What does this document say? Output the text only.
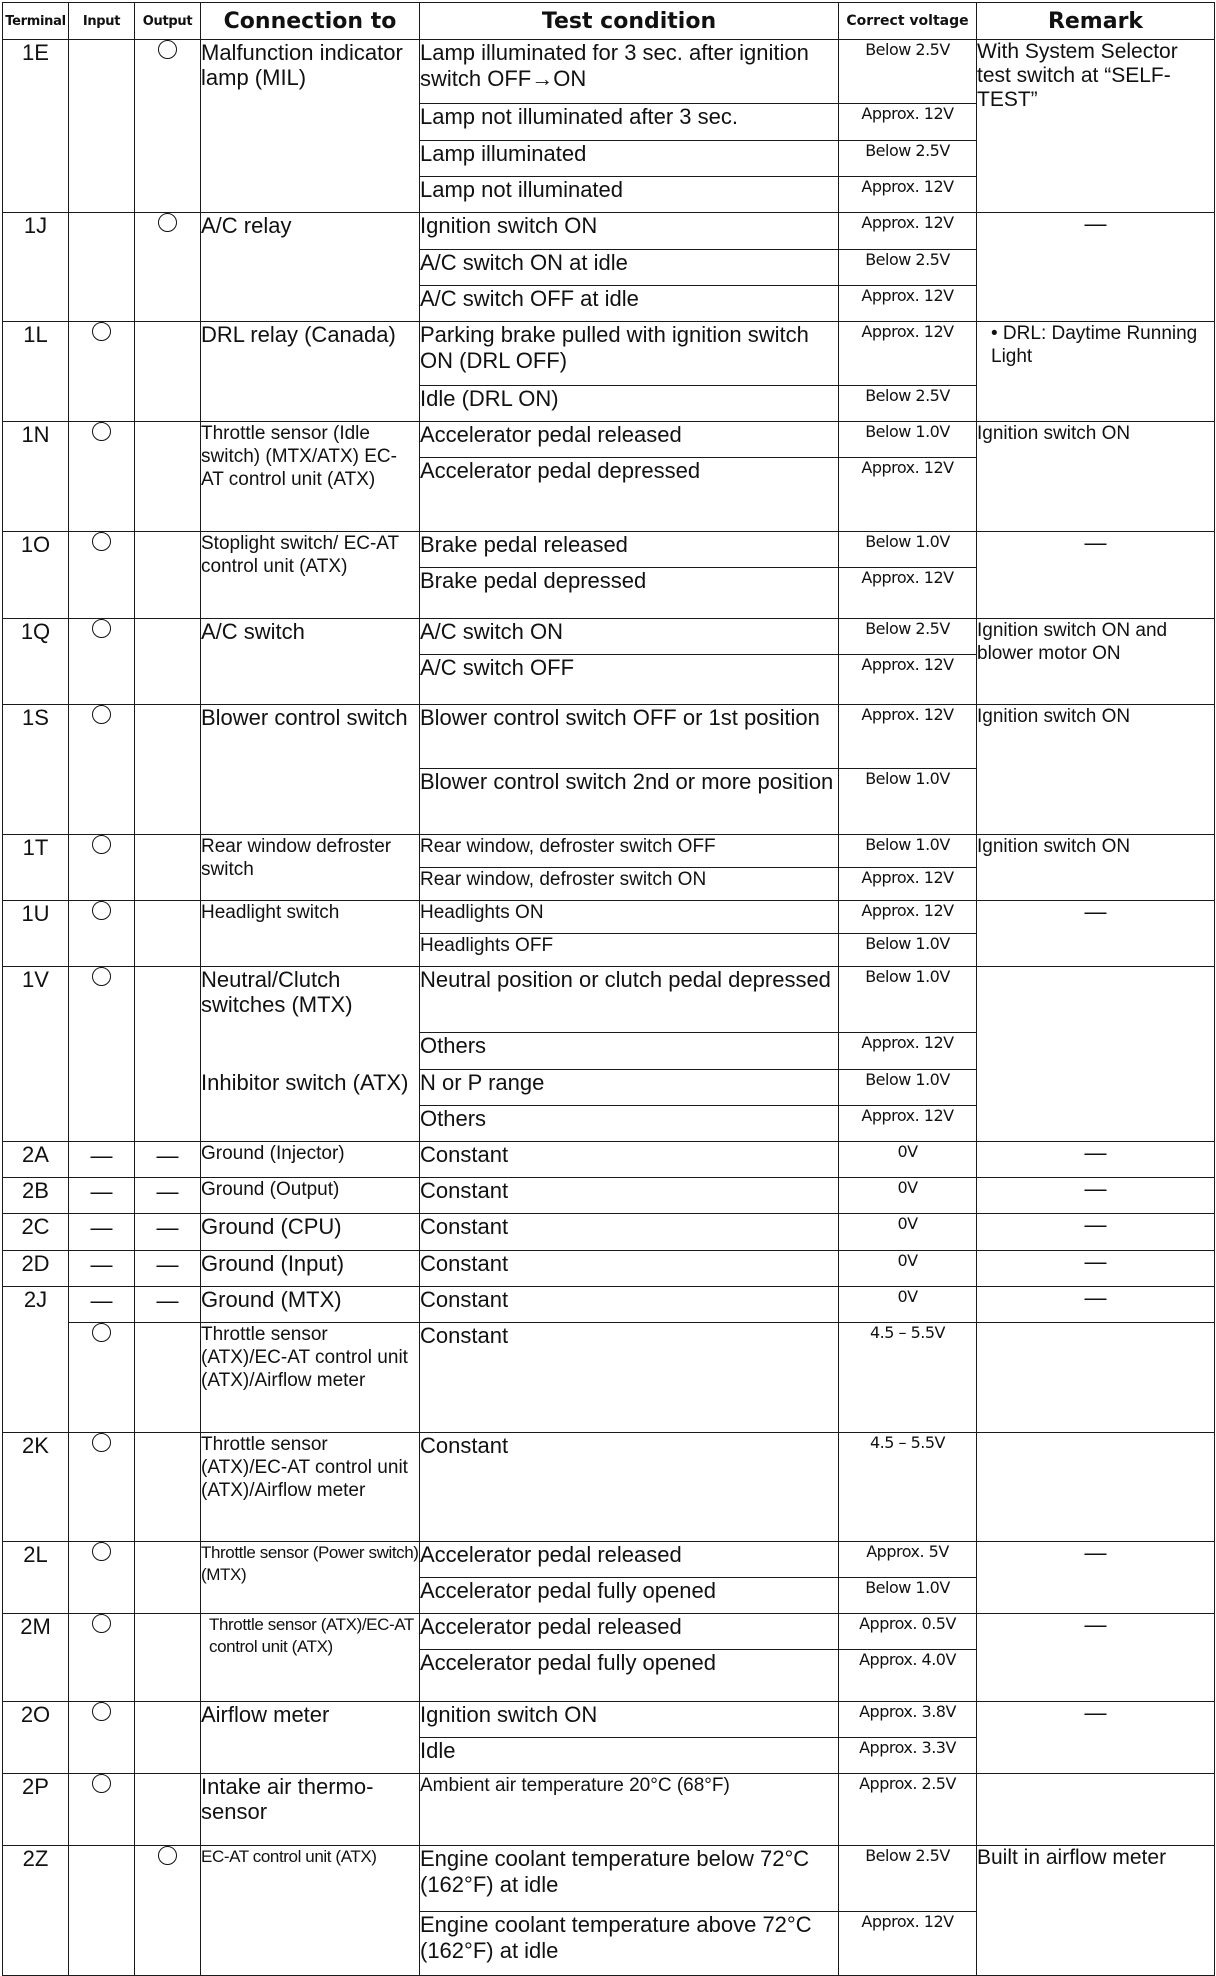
Terminal	Input	Output	Connection to	Test condition	Correct voltage	Remark
1E			Malfunction indicator lamp (MIL)	Lamp illuminated for 3 sec. after ignition switch OFF→ON	Below 2.5V	With System Selector test switch at “SELF-TEST”
				Lamp not illuminated after 3 sec.	Approx. 12V	
				Lamp illuminated	Below 2.5V	
				Lamp not illuminated	Approx. 12V	
1J			A/C relay	Ignition switch ON	Approx. 12V	—
				A/C switch ON at idle	Below 2.5V	
				A/C switch OFF at idle	Approx. 12V	
1L			DRL relay (Canada)	Parking brake pulled with ignition switch ON (DRL OFF)	Approx. 12V	• DRL: Daytime Running Light
				Idle (DRL ON)	Below 2.5V	
1N			Throttle sensor (Idle switch) (MTX/ATX) EC-AT control unit (ATX)	Accelerator pedal released	Below 1.0V	Ignition switch ON
				Accelerator pedal depressed	Approx. 12V	
1O			Stoplight switch/ EC-AT control unit (ATX)	Brake pedal released	Below 1.0V	—
				Brake pedal depressed	Approx. 12V	
1Q			A/C switch	A/C switch ON	Below 2.5V	Ignition switch ON and blower motor ON
				A/C switch OFF	Approx. 12V	
1S			Blower control switch	Blower control switch OFF or 1st position	Approx. 12V	Ignition switch ON
				Blower control switch 2nd or more position	Below 1.0V	
1T			Rear window defroster switch	Rear window, defroster switch OFF	Below 1.0V	Ignition switch ON
				Rear window, defroster switch ON	Approx. 12V	
1U			Headlight switch	Headlights ON	Approx. 12V	—
				Headlights OFF	Below 1.0V	
1V			Neutral/Clutch switches (MTX)	Neutral position or clutch pedal depressed	Below 1.0V	
				Others	Approx. 12V	
			Inhibitor switch (ATX)	N or P range	Below 1.0V	
				Others	Approx. 12V	
2A	—	—	Ground (Injector)	Constant	0V	—
2B	—	—	Ground (Output)	Constant	0V	—
2C	—	—	Ground (CPU)	Constant	0V	—
2D	—	—	Ground (Input)	Constant	0V	—
2J	—	—	Ground (MTX)	Constant	0V	—
			Throttle sensor (ATX)/EC-AT control unit (ATX)/Airflow meter	Constant	4.5 – 5.5V	
2K			Throttle sensor (ATX)/EC-AT control unit (ATX)/Airflow meter	Constant	4.5 – 5.5V	
2L			Throttle sensor (Power switch) (MTX)	Accelerator pedal released	Approx. 5V	—
				Accelerator pedal fully opened	Below 1.0V	
2M			Throttle sensor (ATX)/EC-AT control unit (ATX)	Accelerator pedal released	Approx. 0.5V	—
				Accelerator pedal fully opened	Approx. 4.0V	
2O			Airflow meter	Ignition switch ON	Approx. 3.8V	—
				Idle	Approx. 3.3V	
2P			Intake air thermo-sensor	Ambient air temperature 20°C (68°F)	Approx. 2.5V	
2Z			EC-AT control unit (ATX)	Engine coolant temperature below 72°C (162°F) at idle	Below 2.5V	Built in airflow meter
				Engine coolant temperature above 72°C (162°F) at idle	Approx. 12V	
